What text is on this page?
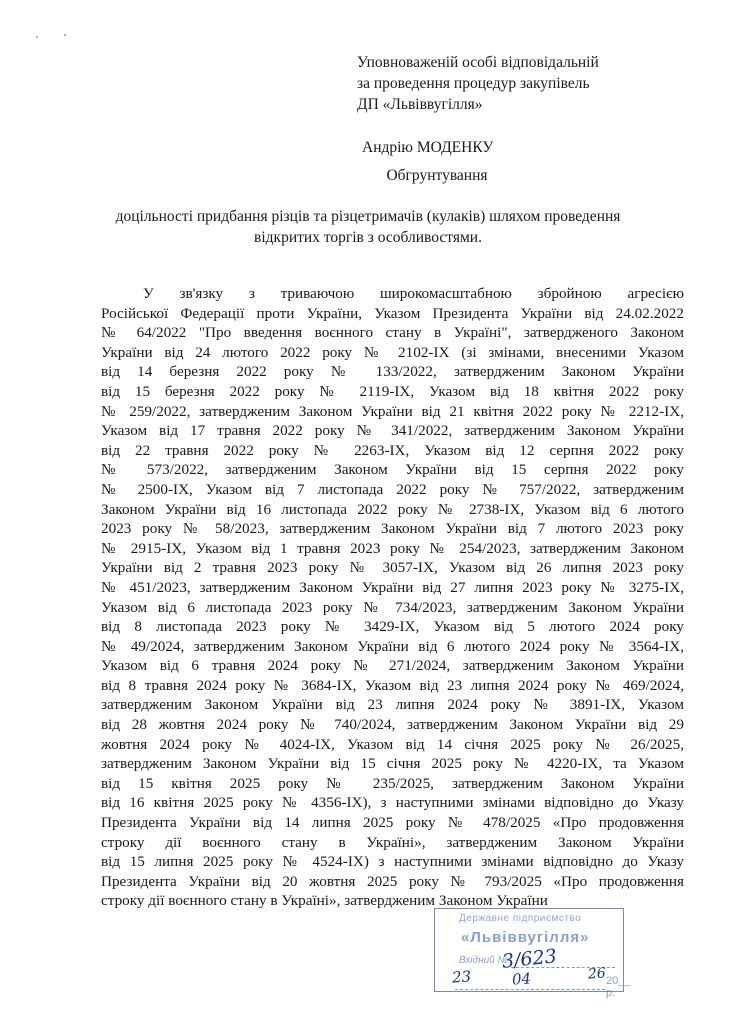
Уповноваженій особі відповідальній
за проведення процедур закупівель
ДП «Львіввугілля»
Андрію МОДЕНКУ
Обгрунтування
доцільності придбання різців та різцетримачів (кулаків) шляхом проведення
відкритих торгів з особливостями.
У зв'язку з триваючою широкомасштабною збройною агресією
Російської Федерації проти України, Указом Президента України від 24.02.2022
№ 64/2022 "Про введення воєнного стану в Україні", затвердженого Законом
України від 24 лютого 2022 року № 2102-IX (зі змінами, внесеними Указом
від 14 березня 2022 року № 133/2022, затвердженим Законом України
від 15 березня 2022 року № 2119-IX, Указом від 18 квітня 2022 року
№ 259/2022, затвердженим Законом України від 21 квітня 2022 року № 2212-IX,
Указом від 17 травня 2022 року № 341/2022, затвердженим Законом України
від 22 травня 2022 року № 2263-IX, Указом від 12 серпня 2022 року
№ 573/2022, затвердженим Законом України від 15 серпня 2022 року
№ 2500-IX, Указом від 7 листопада 2022 року № 757/2022, затвердженим
Законом України від 16 листопада 2022 року № 2738-IX, Указом від 6 лютого
2023 року № 58/2023, затвердженим Законом України від 7 лютого 2023 року
№ 2915-IX, Указом від 1 травня 2023 року № 254/2023, затвердженим Законом
України від 2 травня 2023 року № 3057-IX, Указом від 26 липня 2023 року
№ 451/2023, затвердженим Законом України від 27 липня 2023 року № 3275-IX,
Указом від 6 листопада 2023 року № 734/2023, затвердженим Законом України
від 8 листопада 2023 року № 3429-IX, Указом від 5 лютого 2024 року
№ 49/2024, затвердженим Законом України від 6 лютого 2024 року № 3564-IX,
Указом від 6 травня 2024 року № 271/2024, затвердженим Законом України
від 8 травня 2024 року № 3684-IX, Указом від 23 липня 2024 року № 469/2024,
затвердженим Законом України від 23 липня 2024 року № 3891-IX, Указом
від 28 жовтня 2024 року № 740/2024, затвердженим Законом України від 29
жовтня 2024 року № 4024-IX, Указом від 14 січня 2025 року № 26/2025,
затвердженим Законом України від 15 січня 2025 року № 4220-IX, та Указом
від 15 квітня 2025 року № 235/2025, затвердженим Законом України
від 16 квітня 2025 року № 4356-IX), з наступними змінами відповідно до Указу
Президента України від 14 липня 2025 року № 478/2025 «Про продовження
строку дії воєнного стану в Україні», затвердженим Законом України
від 15 липня 2025 року № 4524-IX) з наступними змінами відповідно до Указу
Президента України від 20 жовтня 2025 року № 793/2025 «Про продовження
строку дії воєнного стану в Україні», затвердженим Законом України
Державне підприємство
«Львіввугілля»
Вхідний №
20__ р.
3/623
23	04	26
